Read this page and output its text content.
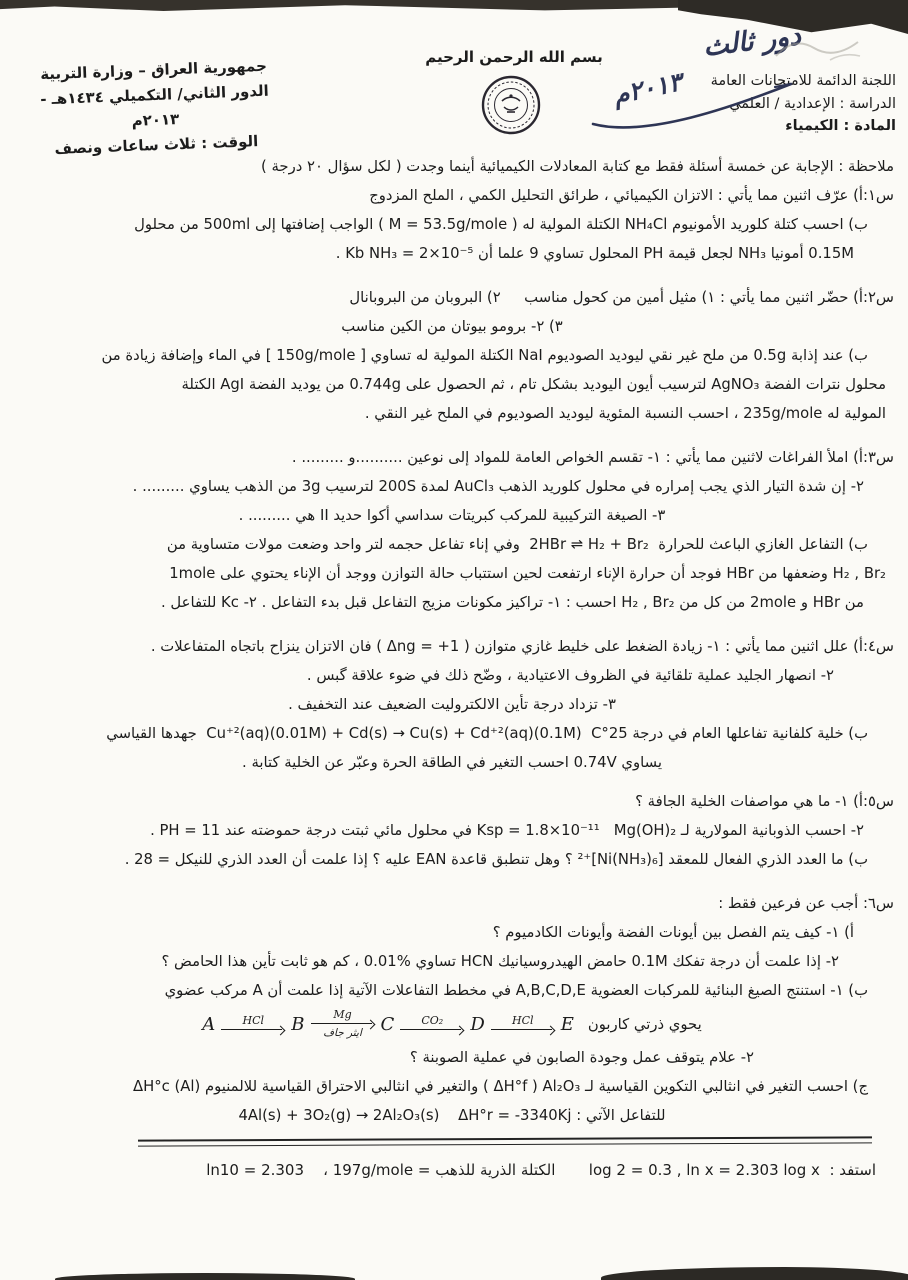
اللجنة الدائمة للامتحانات العامة
الدراسة : الإعدادية / العلمي
المادة : الكيمياء
بسم الله الرحمن الرحيم	دور ثالث
٢٠١٣م
جمهورية العراق – وزارة التربية
الدور الثاني/ التكميلي ١٤٣٤هـ - ٢٠١٣م
الوقت : ثلاث ساعات ونصف
ملاحظة : الإجابة عن خمسة أسئلة فقط مع كتابة المعادلات الكيميائية أينما وجدت ( لكل سؤال ٢٠ درجة )
س١:أ) عرّف اثنين مما يأتي : الاتزان الكيميائي ، طرائق التحليل الكمي ، الملح المزدوج
ب) احسب كتلة كلوريد الأمونيوم NH₄Cl الكتلة المولية له ( M = 53.5g/mole ) الواجب إضافتها إلى 500ml من محلول
0.15M أمونيا NH₃ لجعل قيمة PH المحلول تساوي 9 علما أن Kb NH₃ = 2×10⁻⁵ .
س٢:أ) حضّر اثنين مما يأتي : ١) مثيل أمين من كحول مناسب     ٢) البروبان من البروبانال
٣) ٢- برومو بيوتان من الكين مناسب
ب) عند إذابة 0.5g من ملح غير نقي ليوديد الصوديوم NaI الكتلة المولية له تساوي [ 150g/mole ] في الماء وإضافة زيادة من
محلول نترات الفضة AgNO₃ لترسيب أيون اليوديد بشكل تام ، ثم الحصول على 0.744g من يوديد الفضة AgI الكتلة
المولية له 235g/mole ، احسب النسبة المئوية ليوديد الصوديوم في الملح غير النقي .
س٣:أ) املأ الفراغات لاثنين مما يأتي : ١- تقسم الخواص العامة للمواد إلى نوعين ..........و ......... .
٢- إن شدة التيار الذي يجب إمراره في محلول كلوريد الذهب AuCl₃ لمدة 200S لترسيب 3g من الذهب يساوي ......... .
٣- الصيغة التركيبية للمركب كبريتات سداسي أكوا حديد II هي ......... .
ب) التفاعل الغازي الباعث للحرارة  2HBr ⇌ H₂ + Br₂  وفي إناء تفاعل حجمه لتر واحد وضعت مولات متساوية من
H₂ , Br₂ وضعفها من HBr فوجد أن حرارة الإناء ارتفعت لحين استتباب حالة التوازن ووجد أن الإناء يحتوي على 1mole
من HBr و 2mole من كل من H₂ , Br₂ احسب : ١- تراكيز مكونات مزيج التفاعل قبل بدء التفاعل . ٢- Kc للتفاعل .
س٤:أ) علل اثنين مما يأتي : ١- زيادة الضغط على خليط غازي متوازن ( Δng = +1 ) فان الاتزان ينزاح باتجاه المتفاعلات .
٢- انصهار الجليد عملية تلقائية في الظروف الاعتيادية ، وضّح ذلك في ضوء علاقة گبس .
٣- تزداد درجة تأين الالكتروليت الضعيف عند التخفيف .
ب) خلية كلفانية تفاعلها العام في درجة 25°C‏  Cu⁺²(aq)(0.01M) + Cd(s) → Cu(s) + Cd⁺²(aq)(0.1M)  جهدها القياسي
يساوي 0.74V احسب التغير في الطاقة الحرة وعبّر عن الخلية كتابة .
س٥:أ) ١- ما هي مواصفات الخلية الجافة ؟
٢- احسب الذوبانية المولارية لـ Mg(OH)₂‏   Ksp = 1.8×10⁻¹¹ في محلول مائي ثبتت درجة حموضته عند PH = 11 .
ب) ما العدد الذري الفعال للمعقد [Ni(NH₃)₆]⁺² ؟ وهل تنطبق قاعدة EAN عليه ؟ إذا علمت أن العدد الذري للنيكل = 28 .
س٦: أجب عن فرعين فقط :
أ) ١- كيف يتم الفصل بين أيونات الفضة وأيونات الكادميوم ؟
٢- إذا علمت أن درجة تفكك 0.1M حامض الهيدروسيانيك HCN تساوي %0.01 ، كم هو ثابت تأين هذا الحامض ؟
ب) ١- استنتج الصيغ البنائية للمركبات العضوية A,B,C,D,E في مخطط التفاعلات الآتية إذا علمت أن A مركب عضوي
يحوي ذرتي كاربون
A HCl B	Mg
ايثر جاف C CO₂ D HCl E
٢- علام يتوقف عمل وجودة الصابون في عملية الصوبنة ؟
ج) احسب التغير في انثالبي التكوين القياسية لـ Al₂O₃‏ ( ΔH°f ) والتغير في انثالبي الاحتراق القياسية للالمنيوم ΔH°c (Al)
للتفاعل الآتي : 4Al(s) + 3O₂(g) → 2Al₂O₃(s)    ΔH°r = -3340Kj
استفد :  ln x = 2.303 log x‏ , log 2 = 0.3       الكتلة الذرية للذهب = 197g/mole‏ ،    ln10 = 2.303
